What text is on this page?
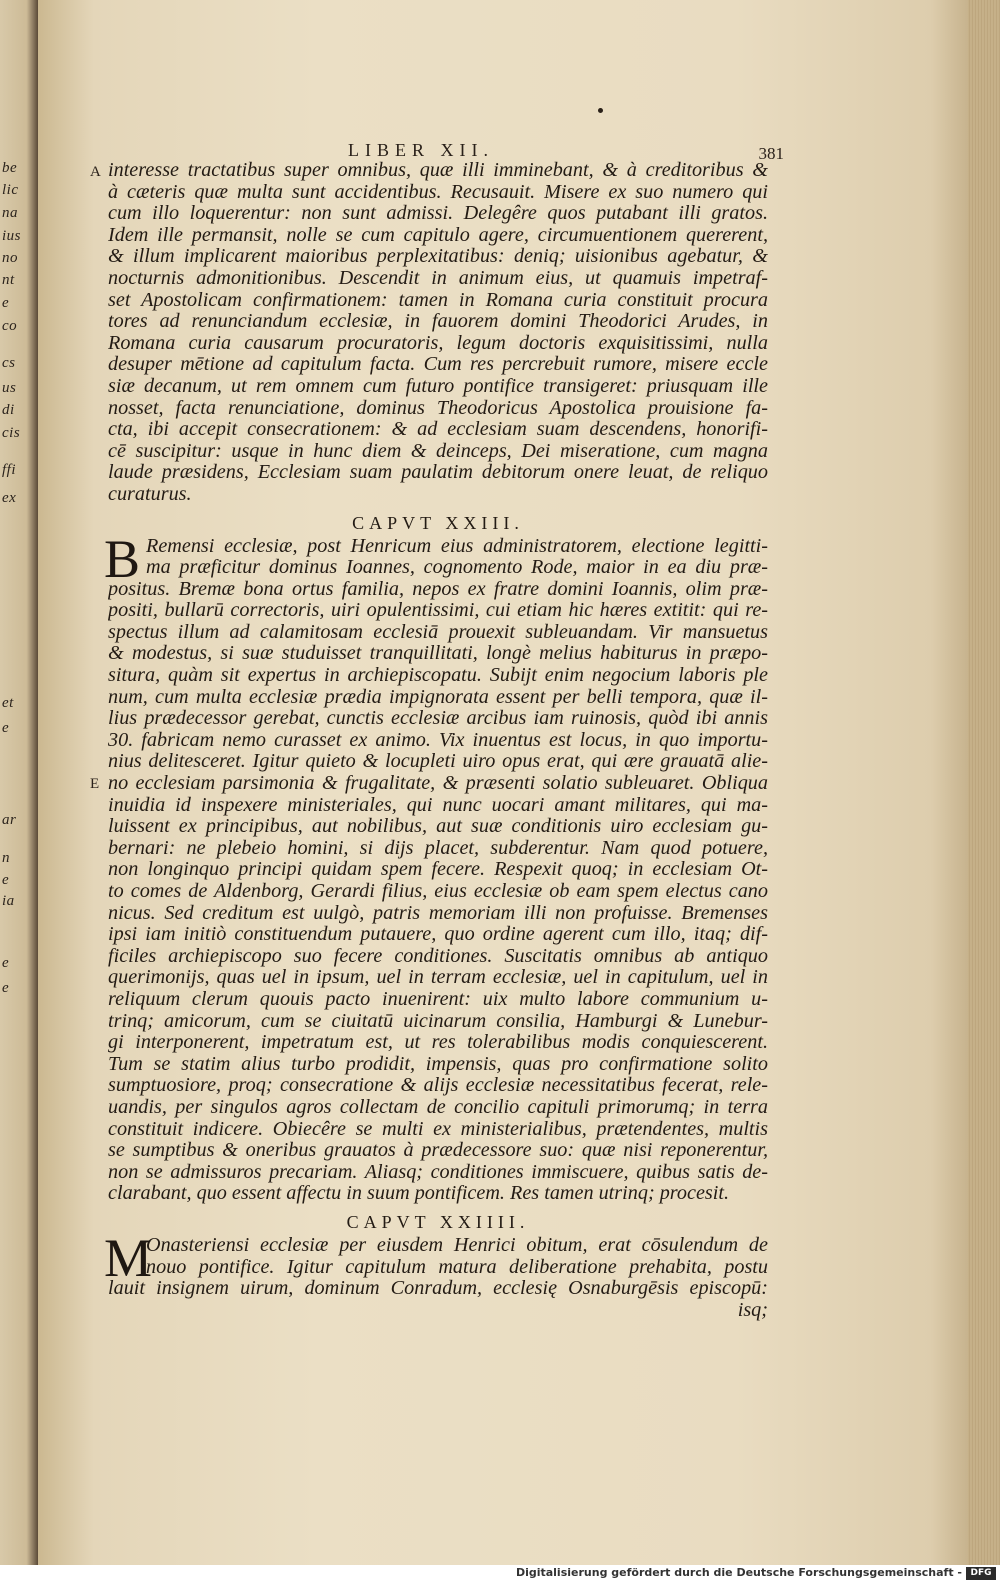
be
lic
na
ius
no
nt
e
co
cs
us
di
cis
ffi
ex
et
e
ar
n
e
ia
e
e
LIBER XII.	381
A
E
interesse tractatibus super omnibus, quæ illi imminebant, & à creditoribus &
à cæteris quæ multa sunt accidentibus. Recusauit. Misere ex suo numero qui
cum illo loquerentur: non sunt admissi. Delegêre quos putabant illi gratos.
Idem ille permansit, nolle se cum capitulo agere, circumuentionem quererent,
& illum implicarent maioribus perplexitatibus: deniq; uisionibus agebatur, &
nocturnis admonitionibus. Descendit in animum eius, ut quamuis impetraf-
set Apostolicam confirmationem: tamen in Romana curia constituit procura
tores ad renunciandum ecclesiæ, in fauorem domini Theodorici Arudes, in
Romana curia causarum procuratoris, legum doctoris exquisitissimi, nulla
desuper mētione ad capitulum facta. Cum res percrebuit rumore, misere eccle
siæ decanum, ut rem omnem cum futuro pontifice transigeret: priusquam ille
nosset, facta renunciatione, dominus Theodoricus Apostolica prouisione fa-
cta, ibi accepit consecrationem: & ad ecclesiam suam descendens, honorifi-
cē suscipitur: usque in hunc diem & deinceps, Dei miseratione, cum magna
laude præsidens, Ecclesiam suam paulatim debitorum onere leuat, de reliquo
curaturus.
CAPVT XXIII.
B Remensi ecclesiæ, post Henricum eius administratorem, electione legitti-
ma præficitur dominus Ioannes, cognomento Rode, maior in ea diu præ-
positus. Bremæ bona ortus familia, nepos ex fratre domini Ioannis, olim præ-
positi, bullarū correctoris, uiri opulentissimi, cui etiam hic hæres extitit: qui re-
spectus illum ad calamitosam ecclesiā prouexit subleuandam. Vir mansuetus
& modestus, si suæ studuisset tranquillitati, longè melius habiturus in præpo-
situra, quàm sit expertus in archiepiscopatu. Subijt enim negocium laboris ple
num, cum multa ecclesiæ prædia impignorata essent per belli tempora, quæ il-
lius prædecessor gerebat, cunctis ecclesiæ arcibus iam ruinosis, quòd ibi annis
30. fabricam nemo curasset ex animo. Vix inuentus est locus, in quo importu-
nius delitesceret. Igitur quieto & locupleti uiro opus erat, qui ære grauatā alie-
no ecclesiam parsimonia & frugalitate, & præsenti solatio subleuaret. Obliqua
inuidia id inspexere ministeriales, qui nunc uocari amant militares, qui ma-
luissent ex principibus, aut nobilibus, aut suæ conditionis uiro ecclesiam gu-
bernari: ne plebeio homini, si dijs placet, subderentur. Nam quod potuere,
non longinquo principi quidam spem fecere. Respexit quoq; in ecclesiam Ot-
to comes de Aldenborg, Gerardi filius, eius ecclesiæ ob eam spem electus cano
nicus. Sed creditum est uulgò, patris memoriam illi non profuisse. Bremenses
ipsi iam initiò constituendum putauere, quo ordine agerent cum illo, itaq; dif-
ficiles archiepiscopo suo fecere conditiones. Suscitatis omnibus ab antiquo
querimonijs, quas uel in ipsum, uel in terram ecclesiæ, uel in capitulum, uel in
reliquum clerum quouis pacto inuenirent: uix multo labore communium u-
trinq; amicorum, cum se ciuitatū uicinarum consilia, Hamburgi & Lunebur-
gi interponerent, impetratum est, ut res tolerabilibus modis conquiescerent.
Tum se statim alius turbo prodidit, impensis, quas pro confirmatione solito
sumptuosiore, proq; consecratione & alijs ecclesiæ necessitatibus fecerat, rele-
uandis, per singulos agros collectam de concilio capituli primorumq; in terra
constituit indicere. Obiecêre se multi ex ministerialibus, prætendentes, multis
se sumptibus & oneribus grauatos à prædecessore suo: quæ nisi reponerentur,
non se admissuros precariam. Aliasq; conditiones immiscuere, quibus satis de-
clarabant, quo essent affectu in suum pontificem. Res tamen utrinq; procesit.
CAPVT XXIIII.
M
Onasteriensi ecclesiæ per eiusdem Henrici obitum, erat cōsulendum de
nouo pontifice. Igitur capitulum matura deliberatione prehabita, postu
lauit insignem uirum, dominum Conradum, ecclesię Osnaburgēsis episcopū:
isq;
Digitalisierung gefördert durch die Deutsche Forschungsgemeinschaft - DFG
